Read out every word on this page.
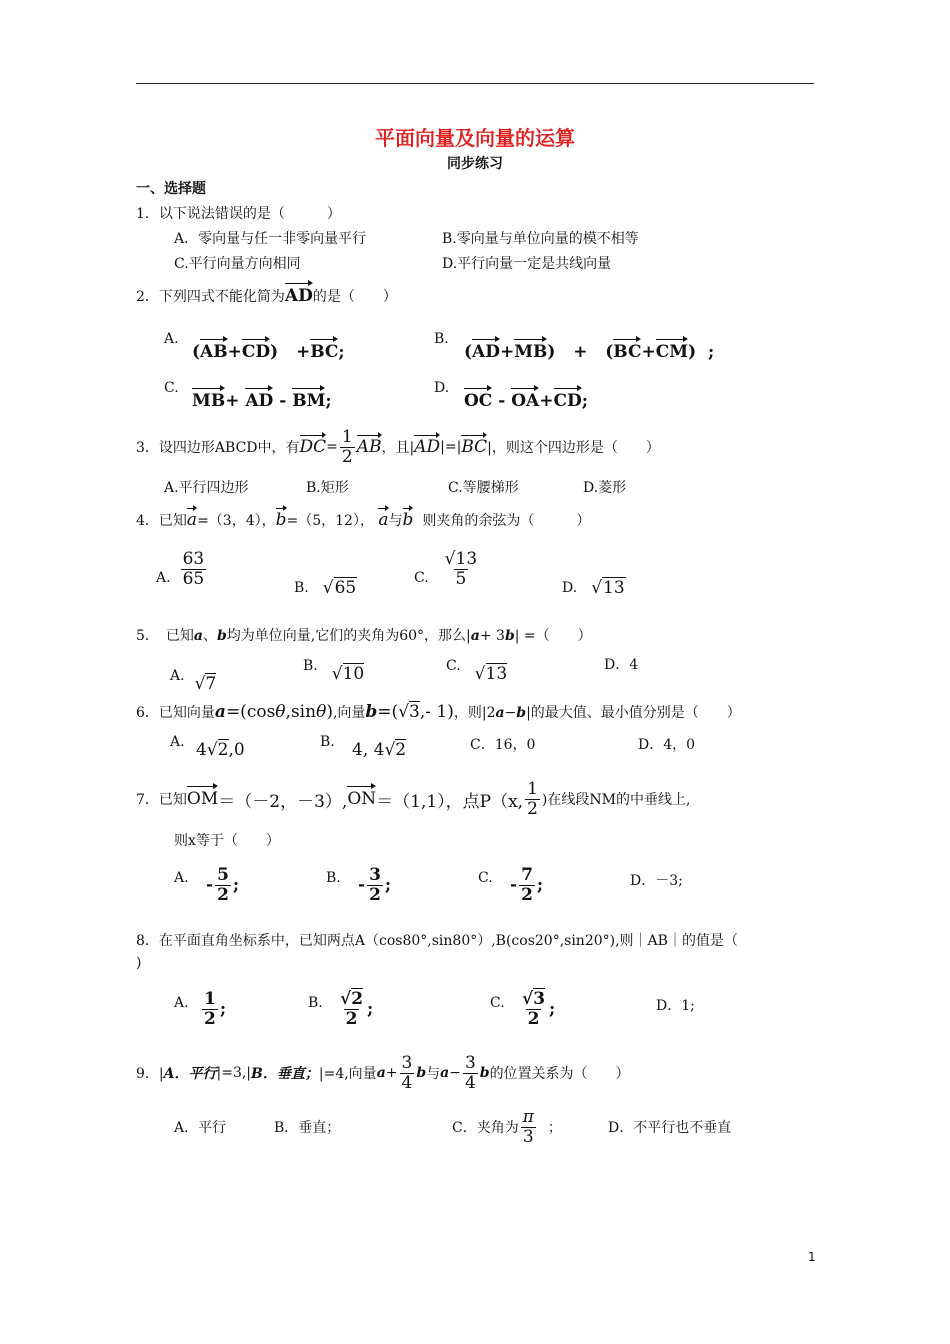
平面向量及向量的运算
同步练习
一、选择题
1．以下说法错误的是（　　　）
A．零向量与任一非零向量平行	B.零向量与单位向量的模不相等
C.平行向量方向相同	D.平行向量一定是共线向量
2．下列四式不能化简为AD的是（　　）
A.
(AB+CD)   +BC;
B.
(AD+MB)   +   (BC+CM)  ;
C.
MB+ AD - BM;
D.
OC - OA+CD;
3．设四边形ABCD中，有 DC = $\frac{1}{2}$ AB ，且| AD |=| BC |，则这个四边形是（　　）
A.平行四边形	B.矩形	C.等腰梯形	D.菱形
4．已知a=（3，4），b=（5，12）， a与b 则夹角的余弦为（　　　）
A. $\frac{63}{65}$	B. √65	C. $\frac{√13}{5}$	D. √13
5．　已知a、b均为单位向量,它们的夹角为60°，那么|a+ 3b| =（　　）
A. √7
B. √10	C. √13	D．4
6．已知向量a=(cosθ,sinθ),向量b=(√3,- 1)，则|2a−b|的最大值、最小值分别是（　　）
A. 4√2,0	B. 4, 4√2	C．16，0	D．4，0
7．已知 OM ＝（－2，－3）, ON ＝（1,1），点P（x, $\frac{1}{2}$ )在线段NM的中垂线上,
则x等于（　　）
A. - $\frac{5}{2}$ ;	B. - $\frac{3}{2}$ ;	C. - $\frac{7}{2}$ ;	D．－3;
8．在平面直角坐标系中，已知两点A（cos80°,sin80°）,B(cos20°,sin20°),则｜AB｜的值是（
)
A. $\frac{1}{2}$ ;	B. $\frac{√2}{2}$ ;	C. $\frac{√3}{2}$ ;	D．1;
9．| A．平行 |=3,| B．垂直； |=4,向量 $a + \frac{3}{4}$ b 与 $a - \frac{3}{4}$ b 的位置关系为（　　）
A．平行	B．垂直；	C．夹角为 $\frac{\pi}{3}$ ；	D．不平行也不垂直
1
